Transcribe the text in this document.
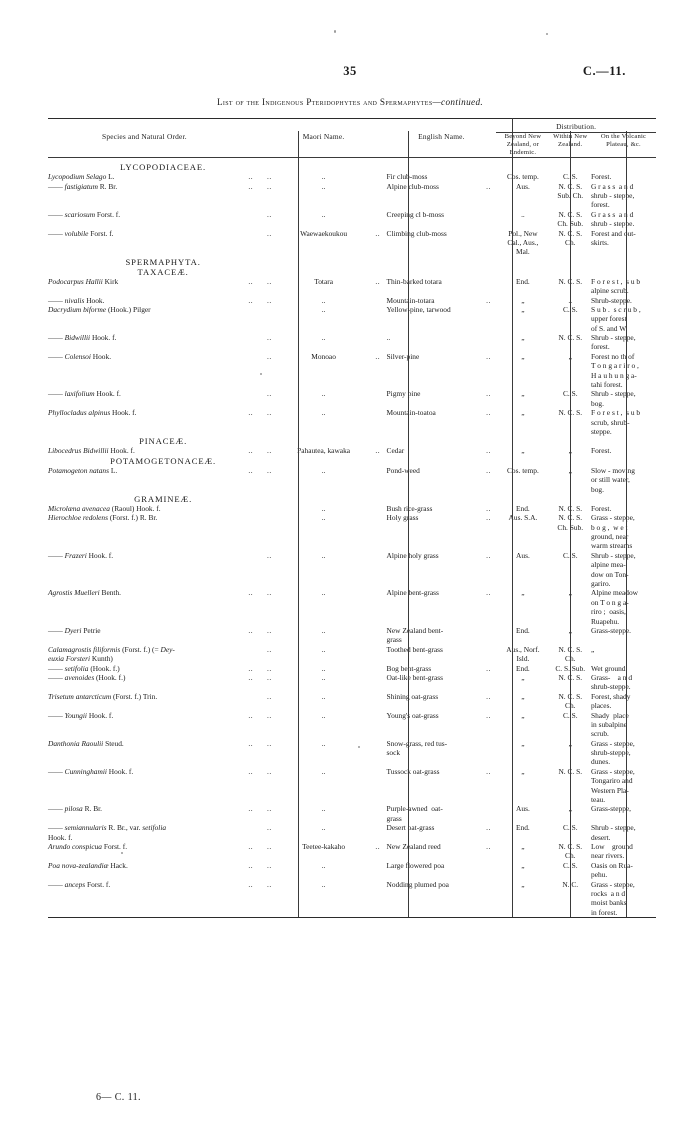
35	C.—11.
List of the Indigenous Pteridophytes and Spermaphytes—continued.
							Distribution.		
Species and Natural Order.			Maori Name.		English Name.		Beyond New Zealand, or Endemic.	Within New Zealand.	On the Volcanic Plateau, &c.

LYCOPODIACEAE.									
Lycopodium Selago L.	..	..	..		Fir club-moss		Cos. temp.	C. S.	Forest.
—— fastigiatum R. Br.	..	..	..		Alpine club-moss	..	Aus.	N. C. S.
Sub. Ch.	G r a s s  a n d
shrub - steppe,
forest.
—— scariosum Forst. f.		..	..		Creeping cl b-moss		..	N. C. S.
Ch. Sub.	G r a s s  a n d
shrub - steppe.
—— volubile Forst. f.		..	Waewaekoukou	..	Climbing club-moss		Pol., New
Cal., Aus.,
Mal.	N. C. S.
Ch.	Forest and out-
skirts.
SPERMAPHYTA.									
TAXACEÆ.									
Podocarpus Hallii Kirk	..	..	Totara	..	Thin-barked totara		End.	N. C. S.	F o r e s t ,  s u b
alpine scrub.
—— nivalis Hook.	..	..	..		Mountain-totara	..	„	..	Shrub-steppe.
Dacrydium biforme (Hook.) Pilger			..		Yellow-pine, tarwood		„	C. S.	S u b .  s c r u b ,
upper forest
of S. and W.
—— Bidwillii Hook. f.		..	..		..		„	N. C. S.	Shrub - steppe,
forest.
—— Colensoi Hook.		..	Monoao	..	Silver-pine	..	„	„	Forest no th of
T o n g a r i r o ,
H a u h u n g a-
tahi forest.
—— laxifolium Hook. f.		..	..		Pigmy pine	..	„	C. S.	Shrub - steppe,
bog.
Phyllocladus alpinus Hook. f.	..	..	..		Mountain-toatoa	..	„	N. C. S.	F o r e s t ,  s u b
scrub, shrub-
steppe.
PINACEÆ.									
Libocedrus Bidwillii Hook. f.	..	..	Pahautea, kawaka	..	Cedar	..	„	„	Forest.
POTAMOGETONACEÆ.									
Potamogeton natans L.	..	..	..		Pond-weed	..	Cos. temp.	„	Slow - moving
or still water,
bog.
GRAMINEÆ.									
Microlæna avenacea (Raoul) Hook. f.			..		Bush rice-grass	..	End.	N. C. S.	Forest.
Hierochloe redolens (Forst. f.) R. Br.			..		Holy grass	..	Aus. S.A.	N. C. S.
Ch. Sub.	Grass - steppe,
b o g ,  w e t
ground, near
warm streams
—— Frazeri Hook. f.		..	..		Alpine holy grass	..	Aus.	C. S.	Shrub - steppe,
alpine mea-
dow on Ton-
gariro.
Agrostis Muelleri Benth.	..	..	..		Alpine bent-grass	..	„	„	Alpine meadow
on T o n g a-
riro ;  oasis,
Ruapehu.
—— Dyeri Petrie	..	..	..		New Zealand bent-
grass		End.	„	Grass-steppe.
Calamagrostis filiformis (Forst. f.) (= Dey-
euxia Forsteri Kunth)		..	..		Toothed bent-grass		Aus., Norf.
Isld.	N. C. S.
Ch.	„
—— setifolia (Hook. f.)	..	..	..		Bog bent-grass	..	End.	C. S. Sub.	Wet ground.
—— avenoides (Hook. f.)	..	..	..		Oat-like bent-grass		„	N. C. S.	Grass-    a n d
shrub-steppe.
Trisetum antarcticum (Forst. f.) Trin.		..	..		Shining oat-grass	..	„	N. C. S.
Ch.	Forest, shady
places.
—— Youngii Hook. f.	..	..	..		Young's oat-grass	..	„	C. S.	Shady  place
in subalpine
scrub.
Danthonia Raoulii Steud.	..	..	..		Snow-grass, red tus-
sock		„	„	Grass - steppe,
shrub-steppe,
dunes.
—— Cunninghamii Hook. f.	..	..	..		Tussock oat-grass	..	„	N. C. S.	Grass - steppe,
Tongariro and
Western Pla-
teau.
—— pilosa R. Br.	..	..	..		Purple-awned  oat-
grass		Aus.	„	Grass-steppe,
—— semiannularis R. Br., var. setifolia
Hook. f.		..	..		Desert oat-grass	..	End.	C. S.	Shrub - steppe,
desert.
Arundo conspicua Forst. f.	..	..	Teetee-kakaho	..	New Zealand reed	..	„	N. C. S.
Ch.	Low    ground
near rivers.
Poa nova-zealandiæ Hack.	..	..	..		Large flowered poa		„	C. S.	Oasis on Rua-
pehu.
—— anceps Forst. f.	..	..	..		Nodding plumed poa		„	N. C.	Grass - steppe,
rocks  a n d
moist banks
in forest.
6— C. 11.
